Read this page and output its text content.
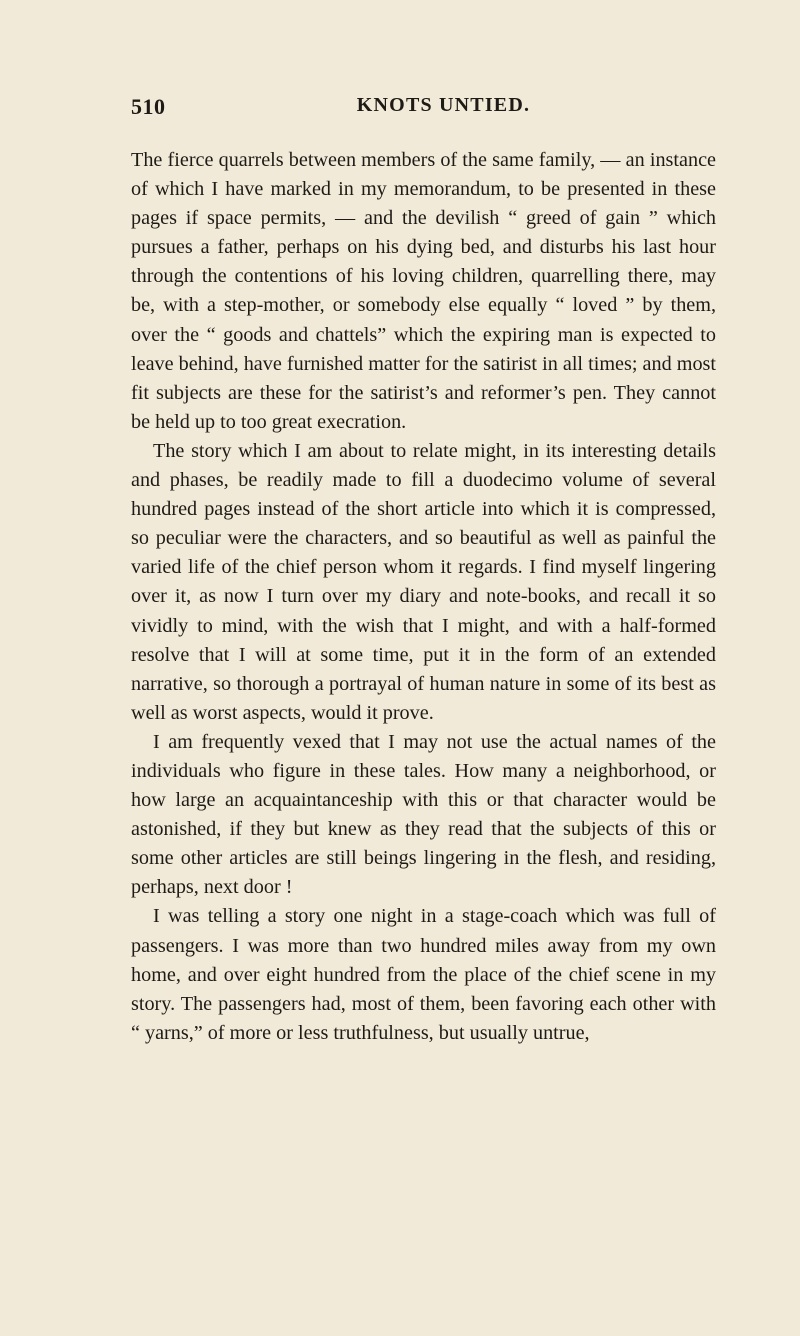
510	KNOTS UNTIED.

The fierce quarrels between members of the same family, — an instance of which I have marked in my memorandum, to be presented in these pages if space permits, — and the devilish “ greed of gain ” which pursues a father, perhaps on his dying bed, and disturbs his last hour through the contentions of his loving children, quarrelling there, may be, with a step-mother, or somebody else equally “ loved ” by them, over the “ goods and chattels” which the expiring man is expected to leave behind, have furnished matter for the satirist in all times; and most fit subjects are these for the satirist’s and reformer’s pen. They cannot be held up to too great execration.

The story which I am about to relate might, in its interesting details and phases, be readily made to fill a duodecimo volume of several hundred pages instead of the short article into which it is compressed, so peculiar were the characters, and so beautiful as well as painful the varied life of the chief person whom it regards. I find myself lingering over it, as now I turn over my diary and note-books, and recall it so vividly to mind, with the wish that I might, and with a half-formed resolve that I will at some time, put it in the form of an extended narrative, so thorough a portrayal of human nature in some of its best as well as worst aspects, would it prove.

I am frequently vexed that I may not use the actual names of the individuals who figure in these tales. How many a neighborhood, or how large an acquaintanceship with this or that character would be astonished, if they but knew as they read that the subjects of this or some other articles are still beings lingering in the flesh, and residing, perhaps, next door !

I was telling a story one night in a stage-coach which was full of passengers. I was more than two hundred miles away from my own home, and over eight hundred from the place of the chief scene in my story. The passengers had, most of them, been favoring each other with “ yarns,” of more or less truthfulness, but usually untrue,
